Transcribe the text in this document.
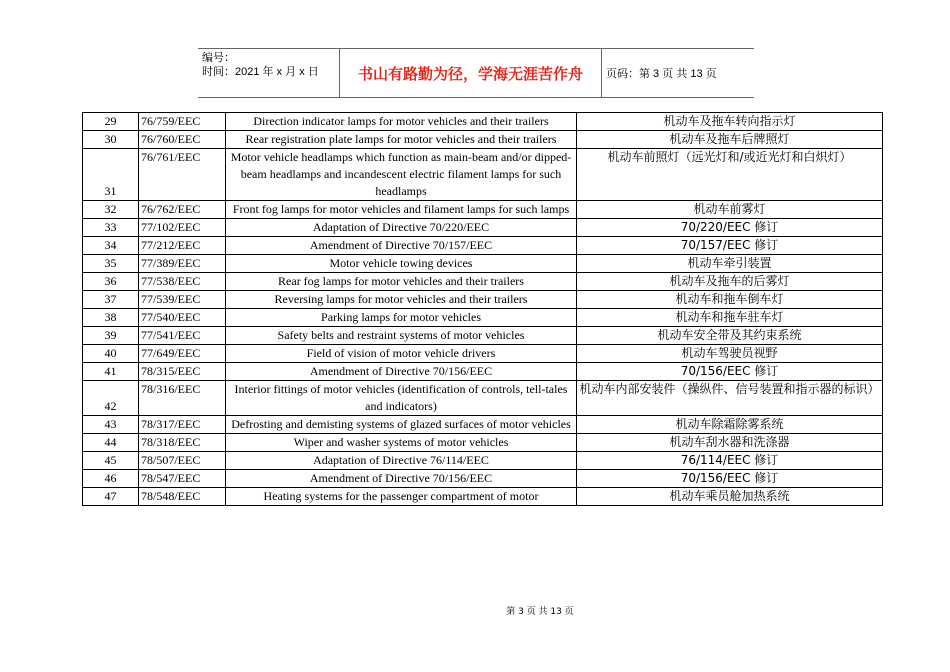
编号：
时间：2021 年 x 月 x 日	书山有路勤为径，学海无涯苦作舟	页码：第 3 页 共 13 页
29	76/759/EEC	Direction indicator lamps for motor vehicles and their trailers	机动车及拖车转向指示灯
30	76/760/EEC	Rear registration plate lamps for motor vehicles and their trailers	机动车及拖车后牌照灯
31	76/761/EEC	Motor vehicle headlamps which function as main-beam and/or dipped-beam headlamps and incandescent electric filament lamps for such headlamps	机动车前照灯（远光灯和/或近光灯和白炽灯）
32	76/762/EEC	Front fog lamps for motor vehicles and filament lamps for such lamps	机动车前雾灯
33	77/102/EEC	Adaptation of Directive 70/220/EEC	70/220/EEC 修订
34	77/212/EEC	Amendment of Directive 70/157/EEC	70/157/EEC 修订
35	77/389/EEC	Motor vehicle towing devices	机动车牵引装置
36	77/538/EEC	Rear fog lamps for motor vehicles and their trailers	机动车及拖车的后雾灯
37	77/539/EEC	Reversing lamps for motor vehicles and their trailers	机动车和拖车倒车灯
38	77/540/EEC	Parking lamps for motor vehicles	机动车和拖车驻车灯
39	77/541/EEC	Safety belts and restraint systems of motor vehicles	机动车安全带及其约束系统
40	77/649/EEC	Field of vision of motor vehicle drivers	机动车驾驶员视野
41	78/315/EEC	Amendment of Directive 70/156/EEC	70/156/EEC 修订
42	78/316/EEC	Interior fittings of motor vehicles (identification of controls, tell-tales and indicators)	机动车内部安装件（操纵件、信号装置和指示器的标识）
43	78/317/EEC	Defrosting and demisting systems of glazed surfaces of motor vehicles	机动车除霜除雾系统
44	78/318/EEC	Wiper and washer systems of motor vehicles	机动车刮水器和洗涤器
45	78/507/EEC	Adaptation of Directive 76/114/EEC	76/114/EEC 修订
46	78/547/EEC	Amendment of Directive 70/156/EEC	70/156/EEC 修订
47	78/548/EEC	Heating systems for the passenger compartment of motor	机动车乘员舱加热系统
第 3 页 共 13 页
